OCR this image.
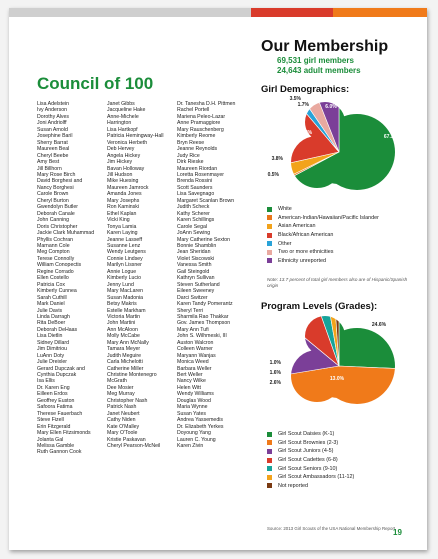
Council of 100
Lisa Adelstein
Ivy Anderson
Dorothy Alves
Joni Andriolff
Susan Arnold
Josephine Baril
Sherry Barrat
Maureen Beal
Cheryl Beebe
Amy Best
Jill Billhorn
Mary Rose Birch
David Borghesi and
Nancy Borghesi
Carole Brown
Cheryl Burton
Gwendolyn Butler
Deborah Canale
John Canning
Doris Christopher
Jackie Clark Muhammad
Phyllis Cochran
Marnann Cole
Meg Compton
Terese Connolly
William Conopectis
Regine Corrado
Ellen Costello
Patricia Cox
Kimberly Cunnea
Sarah Cuthill
Mark Daniel
Julie Davis
Linda Darragh
Rita DeBoer
Deborah DeHaas
Lisa Dietlin
Sidney Dillard
Jim Dimitriou
LuAnn Doty
Julie Dreixler
Gerard Dupczak and
Cynthia Dupczak
Isa Ellis
Dr. Karen Eng
Eilleen Erdos
Geoffrey Euston
Safoora Fatima
Therese Fauerbach
Steve Fizell
Erin Fitzgerald
Mary Ellen Fitzsimonds
Jolanta Gal
Melissa Gamble
Ruth Gannon Cook
Janet Gibbs
Jacqueline Hake
Anne-Michele
Harrington
Lisa Hartkopf
Patricia Hemingway-Hall
Veronica Herbeth
Deb Hervey
Angela Hickey
Jim Hickey
Bavan Holloway
Jill Hudson
Mike Huesing
Maureen Jamrock
Amanda Jones
Mary Josephs
Ron Kaminski
Ethel Kaplan
Vicki King
Tonya Lamia
Karen Laying
Jeanne Lasseff
Susanne Lenz
Wendy Leutgens
Connie Lindsey
Marilyn Lissner
Annie Logue
Kimberly Lucio
Jenny Lund
Mary MacLaren
Susan Madonia
Betsy Makris
Estelle Markham
Victoria Martin
John Martini
Ann McAloon
Molly McCabe
Mary Ann McNally
Tamara Meyer
Judith Meguire
Carla Michelotti
Catherine Miller
Christine Montenegro
McGrath
Dee Mosier
Meg Murray
Christopher Nash
Patrick Nash
Janet Neubert
Cathy Niden
Kate O'Malley
Mary O'Toole
Kristie Paskavan
Cheryl Pearson-McNeil
Dr. Tanesha D.H. Pittmen
Rachel Portell
Mariena Peleo-Lazar
Anne Pramaggiore
Mary Rauschenberg
Kimberly Reome
Bryn Reese
Jeanne Reynolds
Judy Rice
Dirk Rieske
Maureen Riordan
Loretta Rosenmayer
Brenda Rossini
Scott Saunders
Lisa Savegnago
Margaret Scanlan Brown
Judith Scheck
Kathy Scherer
Karen Schillings
Carole Segal
JoAnn Sewing
Mary Catherine Sexton
Bonnie Shamblin
Jean Sheridan
Violet Siscowski
Vanessa Smith
Gail Steingold
Kathryn Sullivan
Steven Sutherland
Eileen Sweeney
Darci Switzer
Karen Tandy Pomerantz
Sheryl Terri
Sharmila Rao Thakkar
Gov. James Thompson
Mary Ann Tufi
John S. Wilhmeski, III
Auston Walcron
Colleen Warner
Maryann Wanjas
Monica Weed
Barbara Weller
Bert Weller
Nancy Wilke
Helen Witt
Wendy Williams
Douglas Wood
Maria Wynne
Susan Yates
Andrea Yassemedis
Dr. Elizabeth Yerkes
Doyoung Yang
Lauren C. Young
Karen Zivin
Our Membership
69,531 girl members
24,643 adult members
Girl Demographics:
67.3%
0.5%
3.8%
17.3%
1.7%
3.5%
6.0%
White
American-Indian/Hawaiian/Pacific Islander
Asian American
Black/African American
Other
Two or more ethnicities
Ethnicity unreported
Note: 13.7 percent of total girl members also are of Hispanic/Spanish origin
Program Levels (Grades):
24.6%
13.0%
2.6%
1.6%
1.0%
Girl Scout Daisies (K-1)
Girl Scout Brownies (2-3)
Girl Scout Juniors (4-5)
Girl Scout Cadettes (6-8)
Girl Scout Seniors (9-10)
Girl Scout Ambassadors (11-12)
Not reported
Source: 2013 Girl Scouts of the USA National Membership Report
19
